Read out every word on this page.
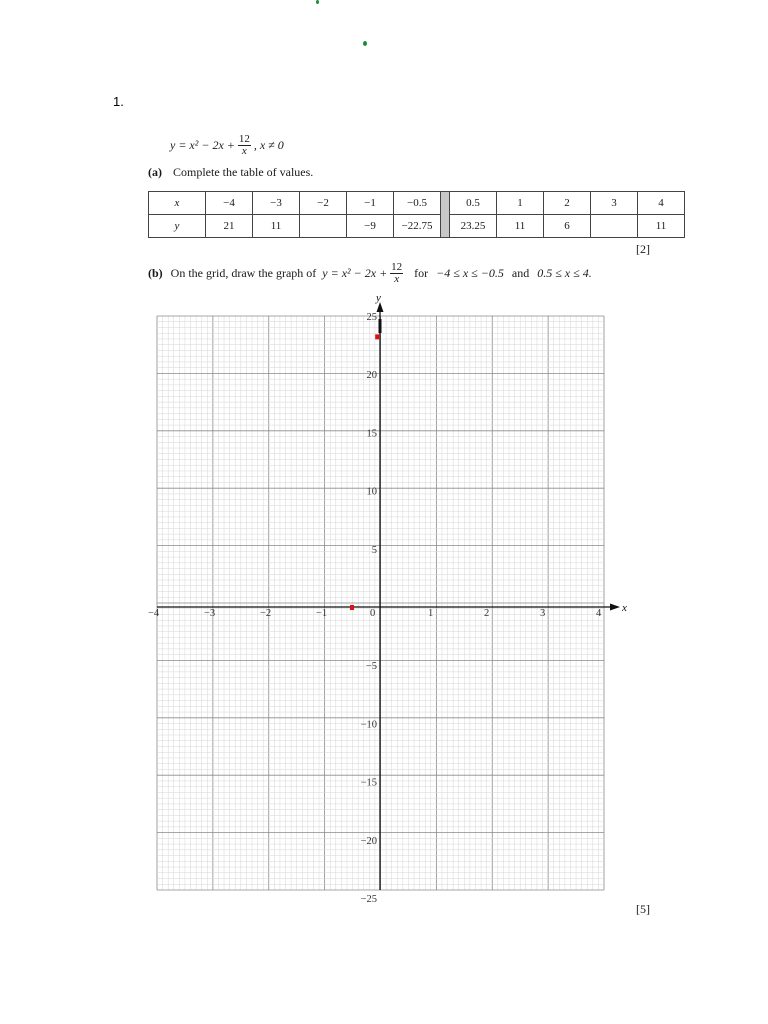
1.
$y = x^2 - 2x + \frac{12}{x}$ , x ≠ 0
(a) Complete the table of values.
x	−4	−3	−2	−1	−0.5		0.5	1	2	3	4
y	21	11		−9	−22.75		23.25	11	6		11
[2]
(b) On the grid, draw the graph of $y = x^2 - 2x + \frac{12}{x}$ for −4 ≤ x ≤ −0.5 and 0.5 ≤ x ≤ 4.
x
y
−4	−3	−2	−1	0	1	2	3	4
25
20
15
10
5
−5
−10
−15
−20
−25
[5]
